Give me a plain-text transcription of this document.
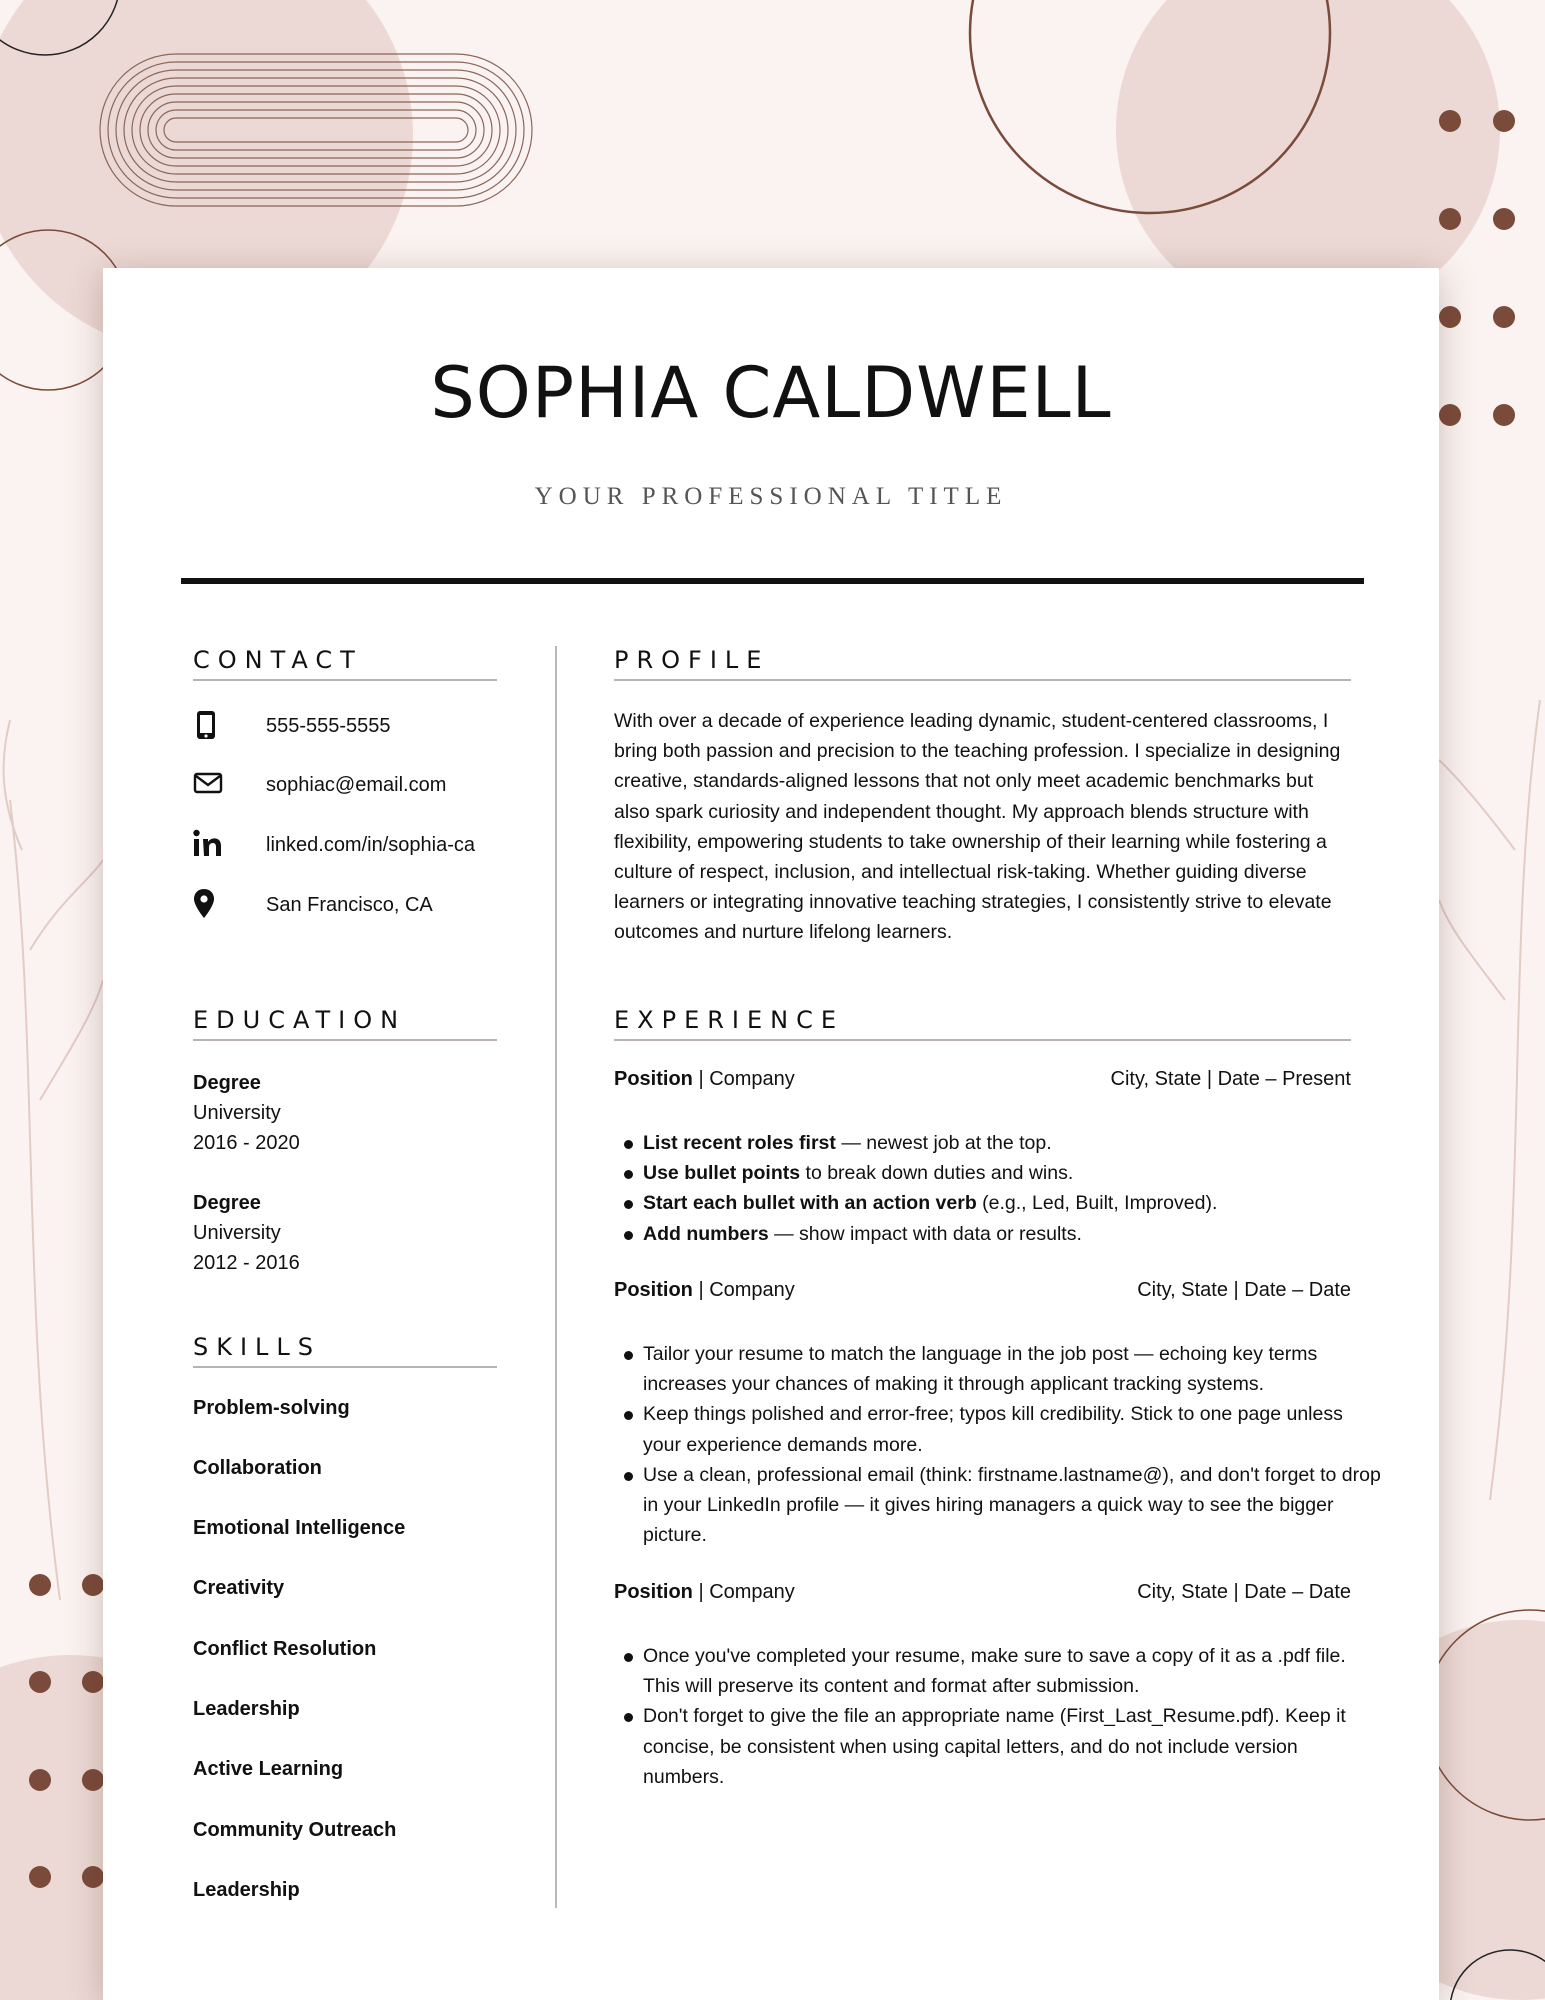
SOPHIA CALDWELL
YOUR PROFESSIONAL TITLE
CONTACT
555-555-5555
sophiac@email.com
linked.com/in/sophia-ca
San Francisco, CA
EDUCATION
Degree
University
2016 - 2020
Degree
University
2012 - 2016
SKILLS
Problem-solving
Collaboration
Emotional Intelligence
Creativity
Conflict Resolution
Leadership
Active Learning
Community Outreach
Leadership
PROFILE

With over a decade of experience leading dynamic, student-centered classrooms, I bring both passion and precision to the teaching profession. I specialize in designing creative, standards-aligned lessons that not only meet academic benchmarks but also spark curiosity and independent thought. My approach blends structure with flexibility, empowering students to take ownership of their learning while fostering a culture of respect, inclusion, and intellectual risk-taking. Whether guiding diverse learners or integrating innovative teaching strategies, I consistently strive to elevate outcomes and nurture lifelong learners.

EXPERIENCE
Position | Company	City, State | Date – Present
List recent roles first — newest job at the top.
Use bullet points to break down duties and wins.
Start each bullet with an action verb (e.g., Led, Built, Improved).
Add numbers — show impact with data or results.
Position | Company	City, State | Date – Date
Tailor your resume to match the language in the job post — echoing key terms increases your chances of making it through applicant tracking systems.
Keep things polished and error-free; typos kill credibility. Stick to one page unless your experience demands more.
Use a clean, professional email (think: firstname.lastname@), and don't forget to drop in your LinkedIn profile — it gives hiring managers a quick way to see the bigger picture.
Position | Company	City, State | Date – Date
Once you've completed your resume, make sure to save a copy of it as a .pdf file. This will preserve its content and format after submission.
Don't forget to give the file an appropriate name (First_Last_Resume.pdf). Keep it concise, be consistent when using capital letters, and do not include version numbers.
